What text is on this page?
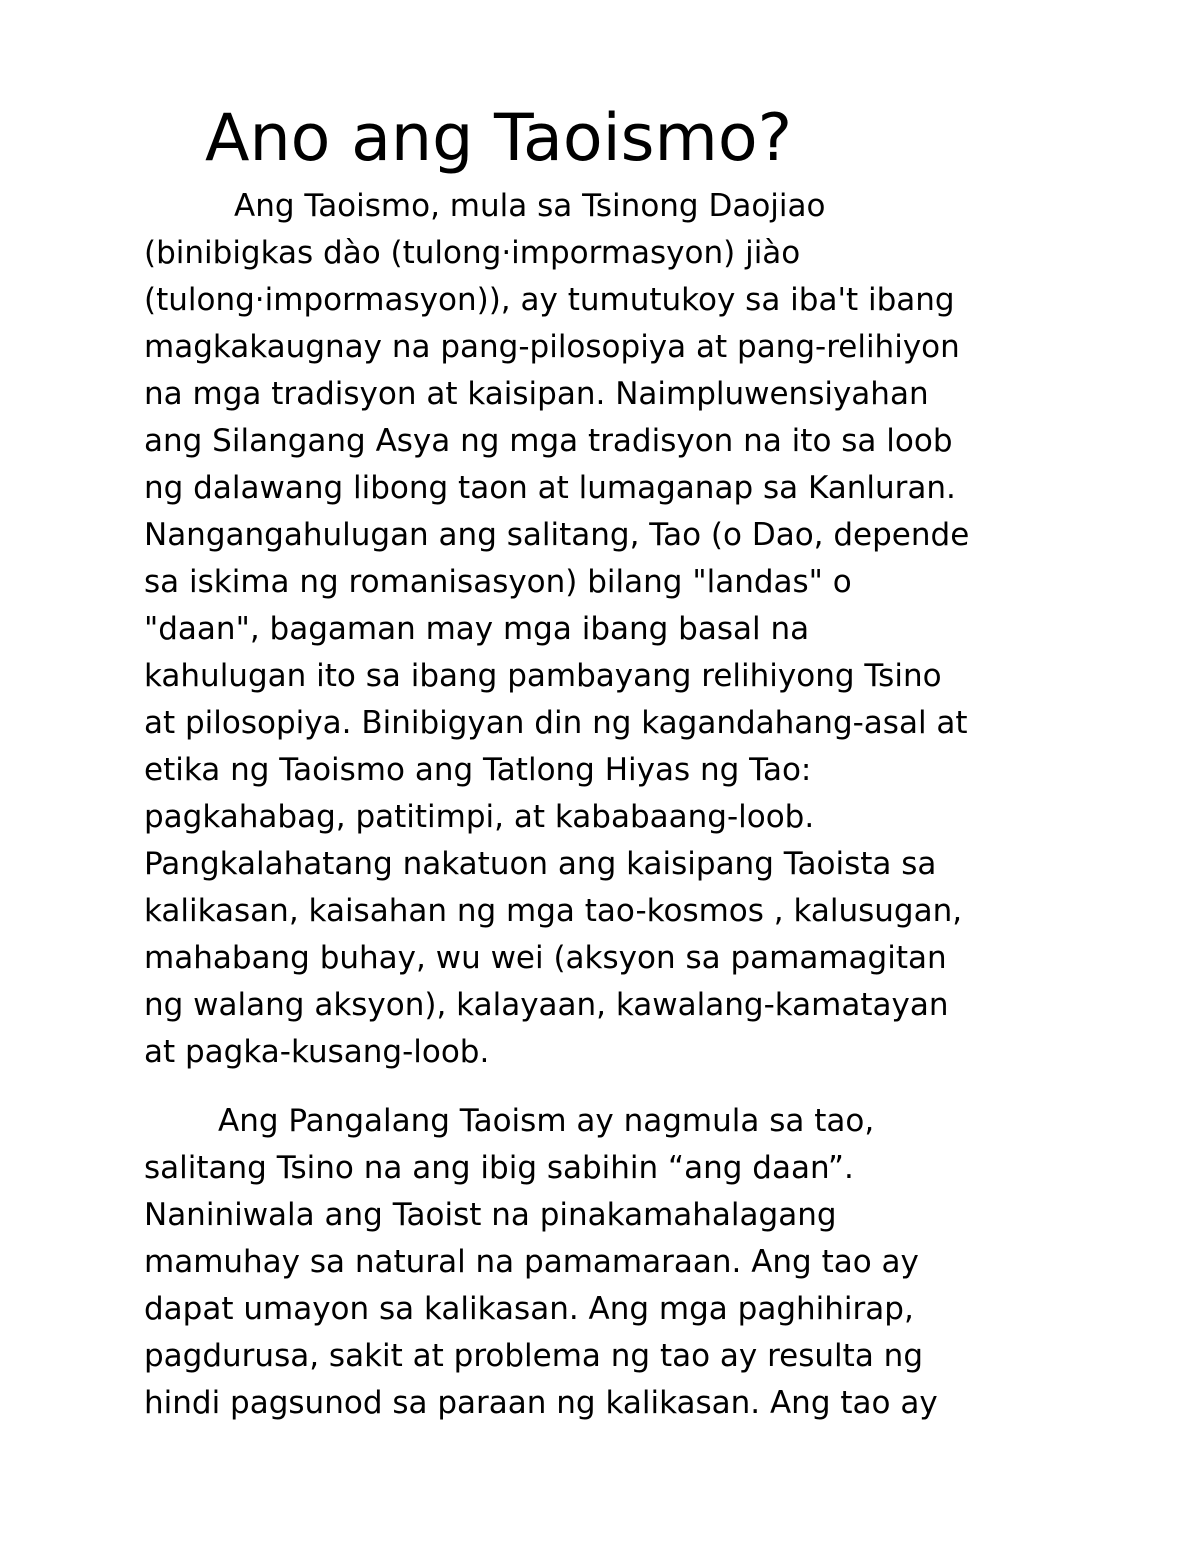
Ano ang Taoismo?

Ang Taoismo, mula sa Tsinong Daojiao
(binibigkas dào (tulong·impormasyon) jiào
(tulong·impormasyon)), ay tumutukoy sa iba't ibang
magkakaugnay na pang-pilosopiya at pang-relihiyon
na mga tradisyon at kaisipan. Naimpluwensiyahan
ang Silangang Asya ng mga tradisyon na ito sa loob
ng dalawang libong taon at lumaganap sa Kanluran.
Nangangahulugan ang salitang, Tao (o Dao, depende
sa iskima ng romanisasyon) bilang "landas" o
"daan", bagaman may mga ibang basal na
kahulugan ito sa ibang pambayang relihiyong Tsino
at pilosopiya. Binibigyan din ng kagandahang-asal at
etika ng Taoismo ang Tatlong Hiyas ng Tao:
pagkahabag, patitimpi, at kababaang-loob.
Pangkalahatang nakatuon ang kaisipang Taoista sa
kalikasan, kaisahan ng mga tao-kosmos , kalusugan,
mahabang buhay, wu wei (aksyon sa pamamagitan
ng walang aksyon), kalayaan, kawalang-kamatayan
at pagka-kusang-loob.

Ang Pangalang Taoism ay nagmula sa tao,
salitang Tsino na ang ibig sabihin “ang daan”.
Naniniwala ang Taoist na pinakamahalagang
mamuhay sa natural na pamamaraan. Ang tao ay
dapat umayon sa kalikasan. Ang mga paghihirap,
pagdurusa, sakit at problema ng tao ay resulta ng
hindi pagsunod sa paraan ng kalikasan. Ang tao ay
